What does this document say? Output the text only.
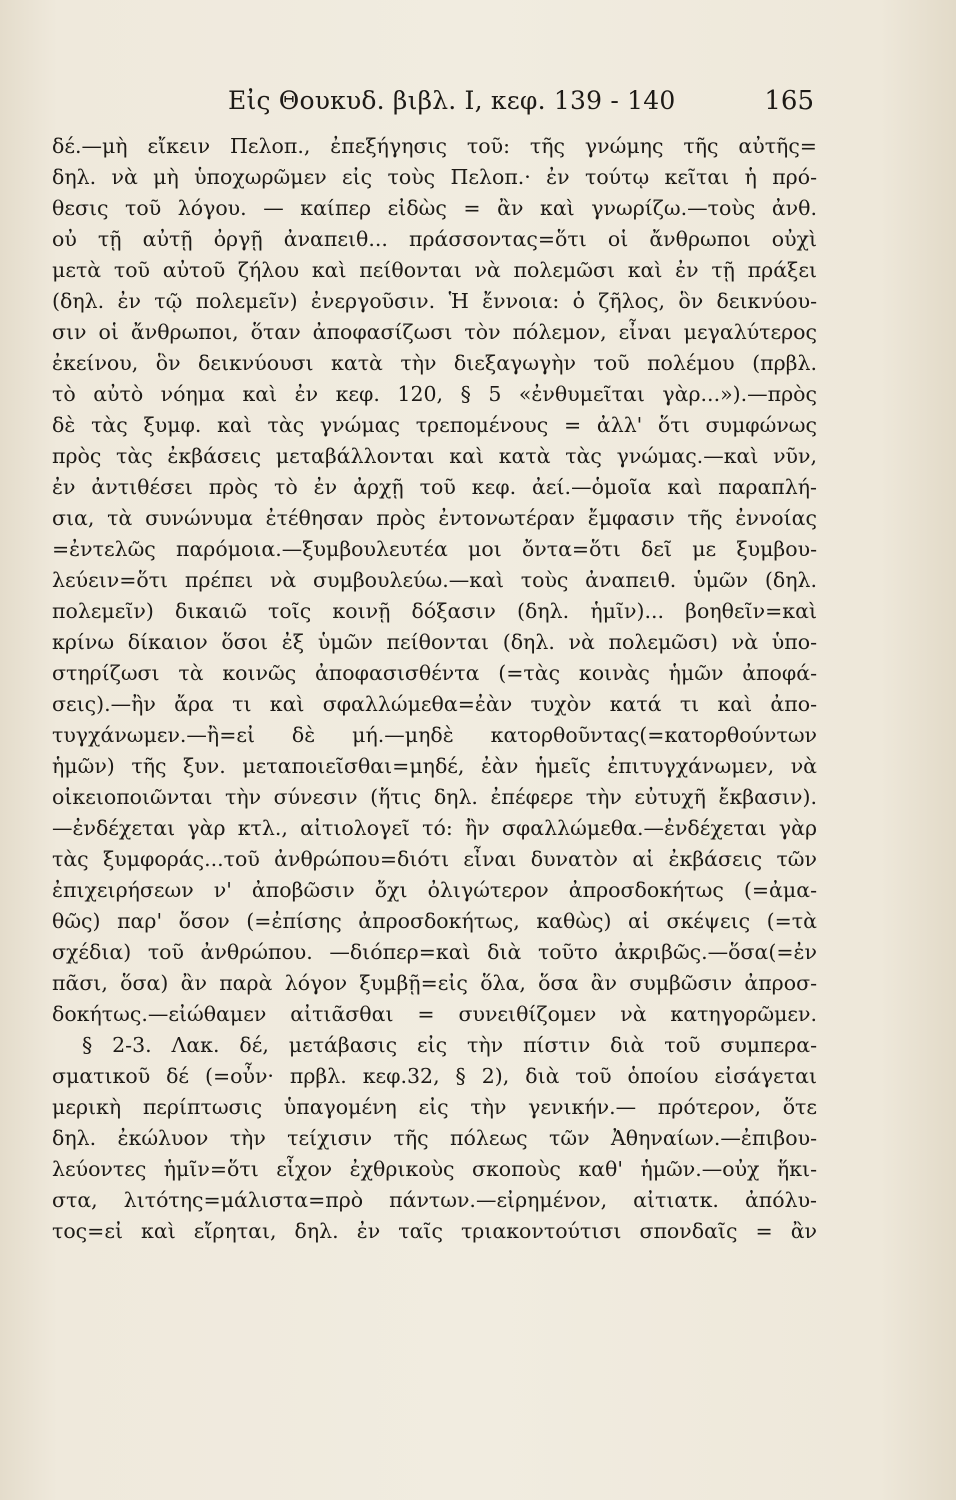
Εἰς Θουκυδ. βιβλ. Ι, κεφ. 139 - 140	165
δέ.—μὴ εἴκειν Πελοπ., ἐπεξήγησις τοῦ: τῆς γνώμης τῆς αὐτῆς=
δηλ. νὰ μὴ ὑποχωρῶμεν εἰς τοὺς Πελοπ.· ἐν τούτῳ κεῖται ἡ πρό-
θεσις τοῦ λόγου. — καίπερ εἰδὼς = ἂν καὶ γνωρίζω.—τοὺς ἀνθ.
οὐ τῇ αὐτῇ ὀργῇ ἀναπειθ... πράσσοντας=ὅτι οἱ ἄνθρωποι οὐχὶ
μετὰ τοῦ αὐτοῦ ζήλου καὶ πείθονται νὰ πολεμῶσι καὶ ἐν τῇ πράξει
(δηλ. ἐν τῷ πολεμεῖν) ἐνεργοῦσιν. Ἡ ἔννοια: ὁ ζῆλος, ὃν δεικνύου-
σιν οἱ ἄνθρωποι, ὅταν ἀποφασίζωσι τὸν πόλεμον, εἶναι μεγαλύτερος
ἐκείνου, ὃν δεικνύουσι κατὰ τὴν διεξαγωγὴν τοῦ πολέμου (πρβλ.
τὸ αὐτὸ νόημα καὶ ἐν κεφ. 120, § 5 «ἐνθυμεῖται γὰρ...»).—πρὸς
δὲ τὰς ξυμφ. καὶ τὰς γνώμας τρεπομένους = ἀλλ' ὅτι συμφώνως
πρὸς τὰς ἐκβάσεις μεταβάλλονται καὶ κατὰ τὰς γνώμας.—καὶ νῦν,
ἐν ἀντιθέσει πρὸς τὸ ἐν ἀρχῇ τοῦ κεφ. ἀεί.—ὁμοῖα καὶ παραπλή-
σια, τὰ συνώνυμα ἐτέθησαν πρὸς ἐντονωτέραν ἔμφασιν τῆς ἐννοίας
=ἐντελῶς παρόμοια.—ξυμβουλευτέα μοι ὄντα=ὅτι δεῖ με ξυμβου-
λεύειν=ὅτι πρέπει νὰ συμβουλεύω.—καὶ τοὺς ἀναπειθ. ὑμῶν (δηλ.
πολεμεῖν) δικαιῶ τοῖς κοινῇ δόξασιν (δηλ. ἡμῖν)... βοηθεῖν=καὶ
κρίνω δίκαιον ὅσοι ἐξ ὑμῶν πείθονται (δηλ. νὰ πολεμῶσι) νὰ ὑπο-
στηρίζωσι τὰ κοινῶς ἀποφασισθέντα (=τὰς κοινὰς ἡμῶν ἀποφά-
σεις).—ἢν ἄρα τι καὶ σφαλλώμεθα=ἐὰν τυχὸν κατά τι καὶ ἀπο-
τυγχάνωμεν.—ἢ=εἰ δὲ μή.—μηδὲ κατορθοῦντας(=κατορθούντων
ἡμῶν) τῆς ξυν. μεταποιεῖσθαι=μηδέ, ἐὰν ἡμεῖς ἐπιτυγχάνωμεν, νὰ
οἰκειοποιῶνται τὴν σύνεσιν (ἥτις δηλ. ἐπέφερε τὴν εὐτυχῆ ἔκβασιν).
—ἐνδέχεται γὰρ κτλ., αἰτιολογεῖ τό: ἢν σφαλλώμεθα.—ἐνδέχεται γὰρ
τὰς ξυμφοράς...τοῦ ἀνθρώπου=διότι εἶναι δυνατὸν αἱ ἐκβάσεις τῶν
ἐπιχειρήσεων ν' ἀποβῶσιν ὄχι ὀλιγώτερον ἀπροσδοκήτως (=ἀμα-
θῶς) παρ' ὅσον (=ἐπίσης ἀπροσδοκήτως, καθὼς) αἱ σκέψεις (=τὰ
σχέδια) τοῦ ἀνθρώπου. —διόπερ=καὶ διὰ τοῦτο ἀκριβῶς.—ὅσα(=ἐν
πᾶσι, ὅσα) ἂν παρὰ λόγον ξυμβῇ=εἰς ὅλα, ὅσα ἂν συμβῶσιν ἀπροσ-
δοκήτως.—εἰώθαμεν αἰτιᾶσθαι = συνειθίζομεν νὰ κατηγορῶμεν.
§ 2-3. Λακ. δέ, μετάβασις εἰς τὴν πίστιν διὰ τοῦ συμπερα-
σματικοῦ δέ (=οὖν· πρβλ. κεφ.32, § 2), διὰ τοῦ ὁποίου εἰσάγεται
μερικὴ περίπτωσις ὑπαγομένη εἰς τὴν γενικήν.— πρότερον, ὅτε
δηλ. ἐκώλυον τὴν τείχισιν τῆς πόλεως τῶν Ἀθηναίων.—ἐπιβου-
λεύοντες ἡμῖν=ὅτι εἶχον ἐχθρικοὺς σκοποὺς καθ' ἡμῶν.—οὐχ ἥκι-
στα, λιτότης=μάλιστα=πρὸ πάντων.—εἰρημένον, αἰτιατκ. ἀπόλυ-
τος=εἰ καὶ εἴρηται, δηλ. ἐν ταῖς τριακοντούτισι σπονδαῖς = ἂν
